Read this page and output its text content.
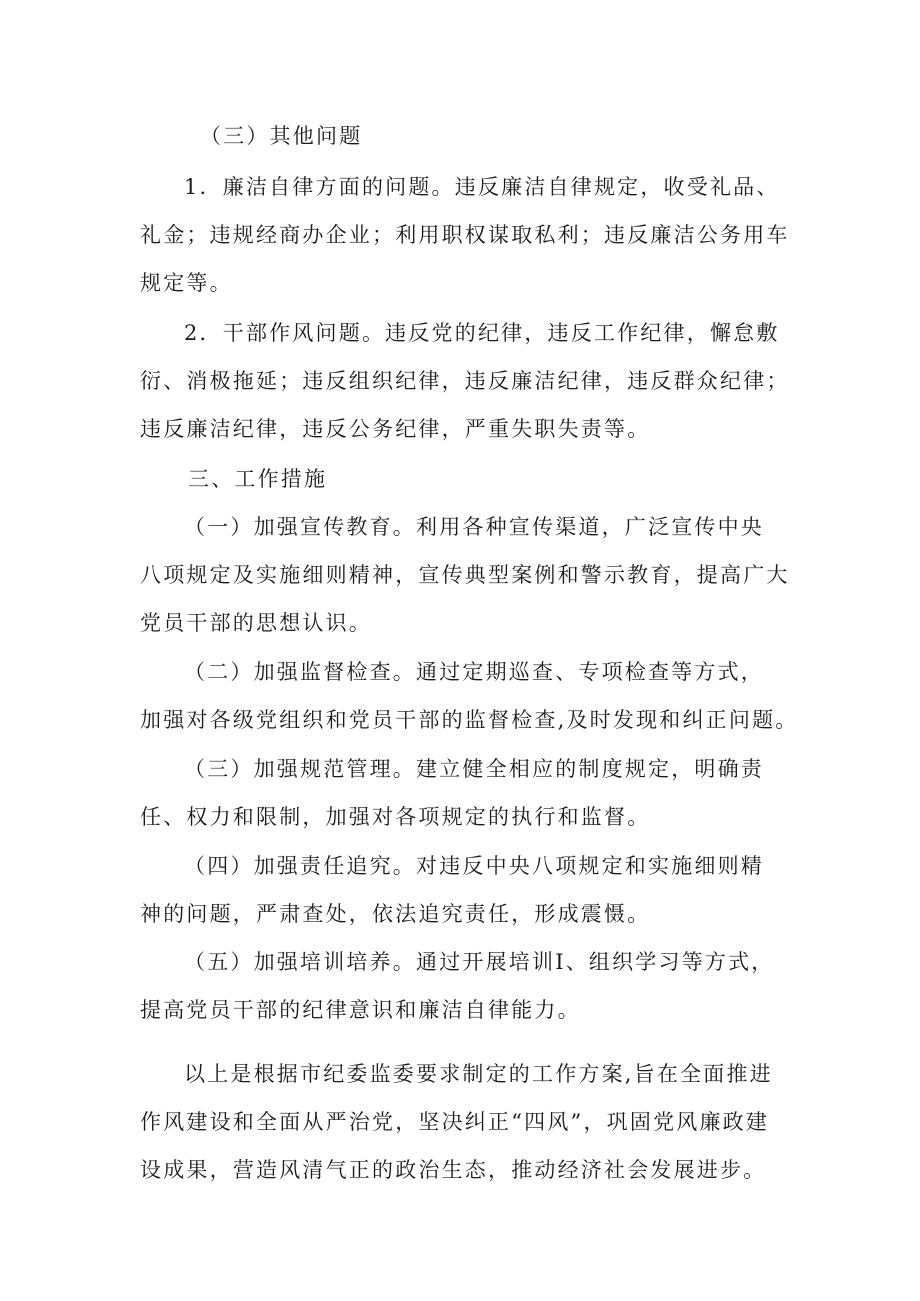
（三）其他问题

1．廉洁自律方面的问题。违反廉洁自律规定，收受礼品、
礼金；违规经商办企业；利用职权谋取私利；违反廉洁公务用车
规定等。
2．干部作风问题。违反党的纪律，违反工作纪律，懈怠敷
衍、消极拖延；违反组织纪律，违反廉洁纪律，违反群众纪律；
违反廉洁纪律，违反公务纪律，严重失职失责等。

三、工作措施

（一）加强宣传教育。利用各种宣传渠道，广泛宣传中央
八项规定及实施细则精神，宣传典型案例和警示教育，提高广大
党员干部的思想认识。
（二）加强监督检查。通过定期巡查、专项检查等方式，
加强对各级党组织和党员干部的监督检查,及时发现和纠正问题。
（三）加强规范管理。建立健全相应的制度规定，明确责
任、权力和限制，加强对各项规定的执行和监督。
（四）加强责任追究。对违反中央八项规定和实施细则精
神的问题，严肃查处，依法追究责任，形成震慑。
（五）加强培训培养。通过开展培训I、组织学习等方式，
提高党员干部的纪律意识和廉洁自律能力。
以上是根据市纪委监委要求制定的工作方案,旨在全面推进
作风建设和全面从严治党，坚决纠正“四风”，巩固党风廉政建
设成果，营造风清气正的政治生态，推动经济社会发展进步。
